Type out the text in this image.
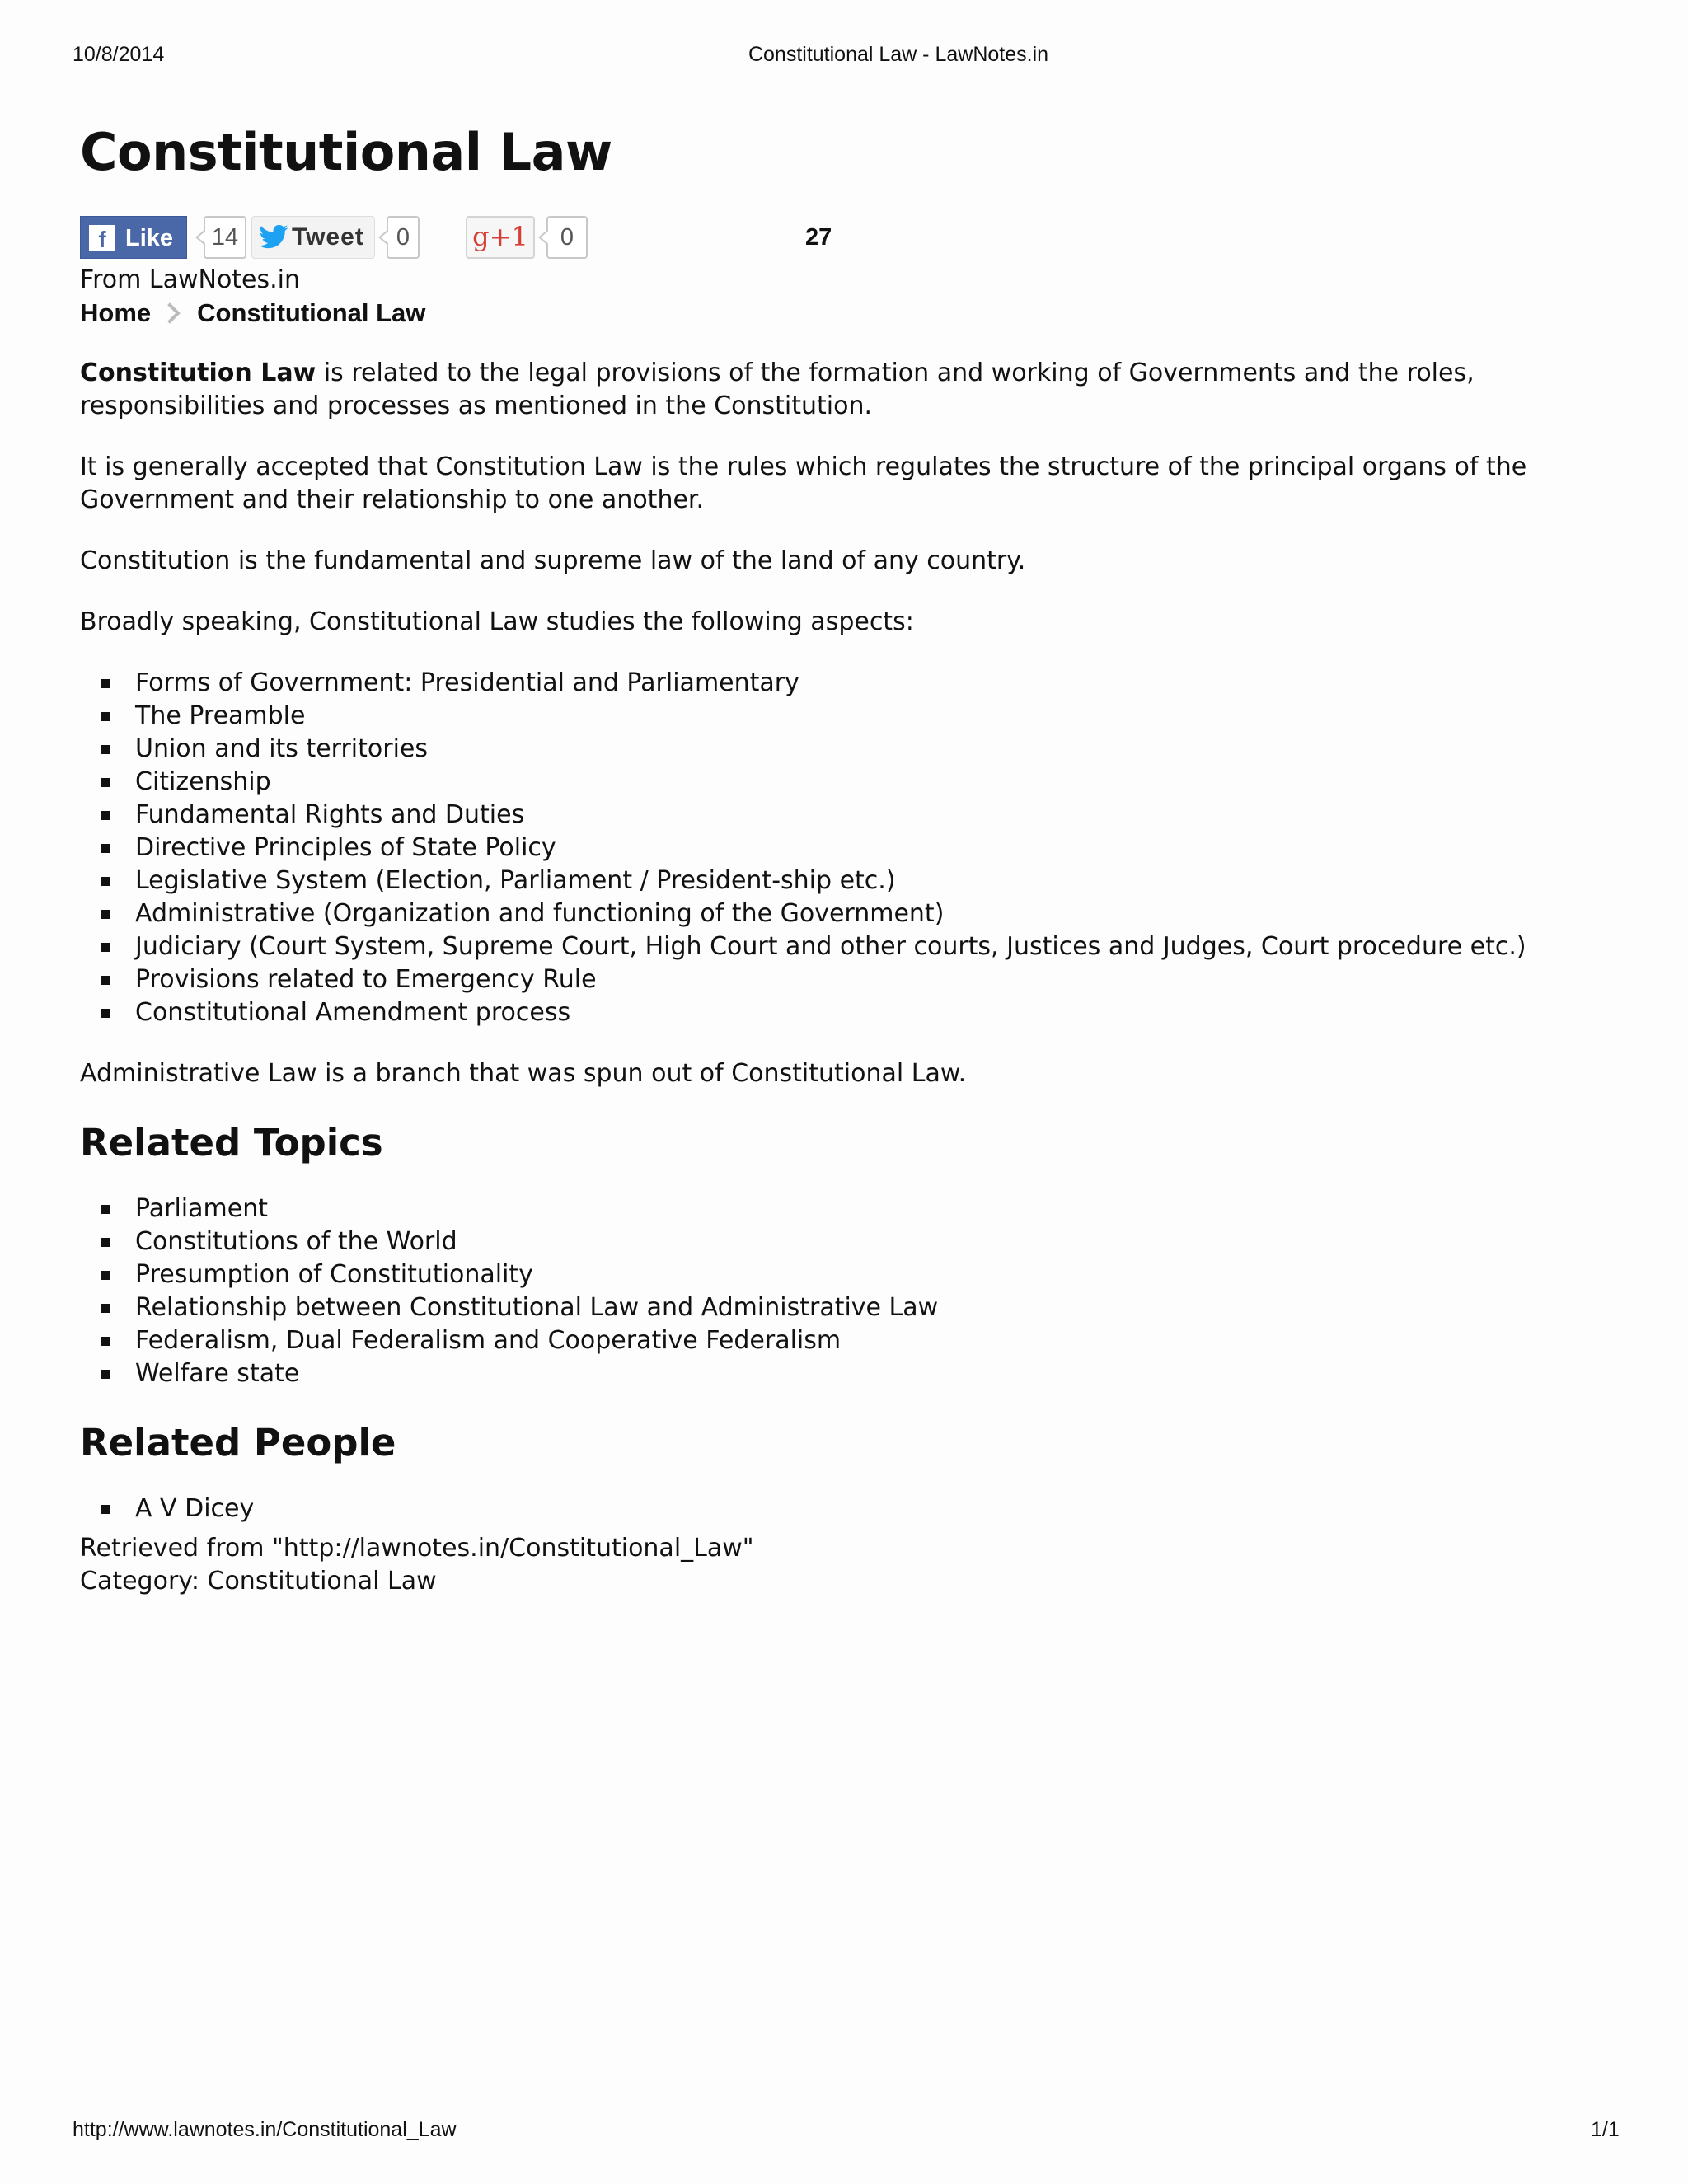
10/8/2014	Constitutional Law - LawNotes.in
Constitutional Law
f Like	14	Tweet	0	g+1	0	27
From LawNotes.in
Home Constitutional Law

Constitution Law is related to the legal provisions of the formation and working of Governments and the roles, responsibilities and processes as mentioned in the Constitution.

It is generally accepted that Constitution Law is the rules which regulates the structure of the principal organs of the Government and their relationship to one another.

Constitution is the fundamental and supreme law of the land of any country.

Broadly speaking, Constitutional Law studies the following aspects:

Forms of Government: Presidential and Parliamentary
The Preamble
Union and its territories
Citizenship
Fundamental Rights and Duties
Directive Principles of State Policy
Legislative System (Election, Parliament / President-ship etc.)
Administrative (Organization and functioning of the Government)
Judiciary (Court System, Supreme Court, High Court and other courts, Justices and Judges, Court procedure etc.)
Provisions related to Emergency Rule
Constitutional Amendment process

Administrative Law is a branch that was spun out of Constitutional Law.

Related Topics
Parliament
Constitutions of the World
Presumption of Constitutionality
Relationship between Constitutional Law and Administrative Law
Federalism, Dual Federalism and Cooperative Federalism
Welfare state
Related People
A V Dicey
Retrieved from "http://lawnotes.in/Constitutional_Law"
Category: Constitutional Law
http://www.lawnotes.in/Constitutional_Law	1/1
